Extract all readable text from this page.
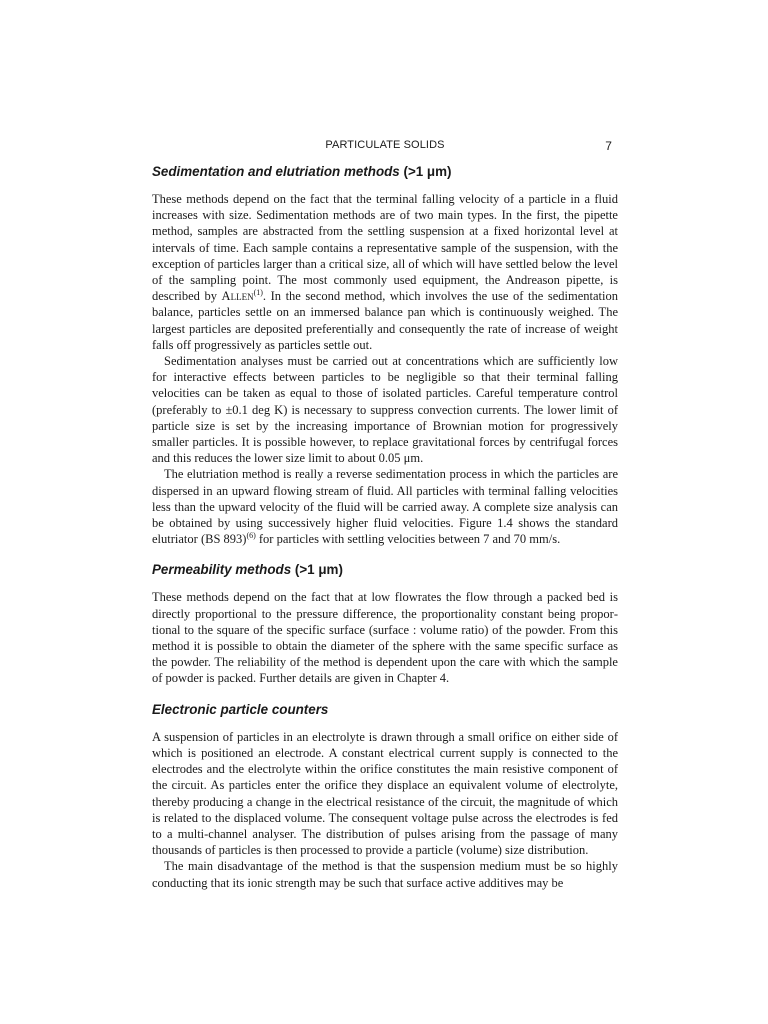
PARTICULATE SOLIDS	7
Sedimentation and elutriation methods (>1 μm)

These methods depend on the fact that the terminal falling velocity of a particle in a fluid increases with size. Sedimentation methods are of two main types. In the first, the pipette method, samples are abstracted from the settling suspension at a fixed horizontal level at intervals of time. Each sample contains a representative sample of the suspension, with the exception of particles larger than a critical size, all of which will have settled below the level of the sampling point. The most commonly used equipment, the Andreason pipette, is described by Allen$^{(1)}$. In the second method, which involves the use of the sedimentation balance, particles settle on an immersed balance pan which is continuously weighed. The largest particles are deposited preferentially and consequently the rate of increase of weight falls off progressively as particles settle out.

Sedimentation analyses must be carried out at concentrations which are sufficiently low for interactive effects between particles to be negligible so that their terminal falling velocities can be taken as equal to those of isolated particles. Careful temperature control (preferably to ±0.1 deg K) is necessary to suppress convection currents. The lower limit of particle size is set by the increasing importance of Brownian motion for progressively smaller particles. It is possible however, to replace gravitational forces by centrifugal forces and this reduces the lower size limit to about 0.05 μm.

The elutriation method is really a reverse sedimentation process in which the particles are dispersed in an upward flowing stream of fluid. All particles with terminal falling velocities less than the upward velocity of the fluid will be carried away. A complete size analysis can be obtained by using successively higher fluid velocities. Figure 1.4 shows the standard elutriator (BS 893)$^{(6)}$ for particles with settling velocities between 7 and 70 mm/s.

Permeability methods (>1 μm)

These methods depend on the fact that at low flowrates the flow through a packed bed is directly proportional to the pressure difference, the proportionality constant being proportional to the square of the specific surface (surface : volume ratio) of the powder. From this method it is possible to obtain the diameter of the sphere with the same specific surface as the powder. The reliability of the method is dependent upon the care with which the sample of powder is packed. Further details are given in Chapter 4.

Electronic particle counters

A suspension of particles in an electrolyte is drawn through a small orifice on either side of which is positioned an electrode. A constant electrical current supply is connected to the electrodes and the electrolyte within the orifice constitutes the main resistive component of the circuit. As particles enter the orifice they displace an equivalent volume of electrolyte, thereby producing a change in the electrical resistance of the circuit, the magnitude of which is related to the displaced volume. The consequent voltage pulse across the electrodes is fed to a multi-channel analyser. The distribution of pulses arising from the passage of many thousands of particles is then processed to provide a particle (volume) size distribution.

The main disadvantage of the method is that the suspension medium must be so highly conducting that its ionic strength may be such that surface active additives may be
